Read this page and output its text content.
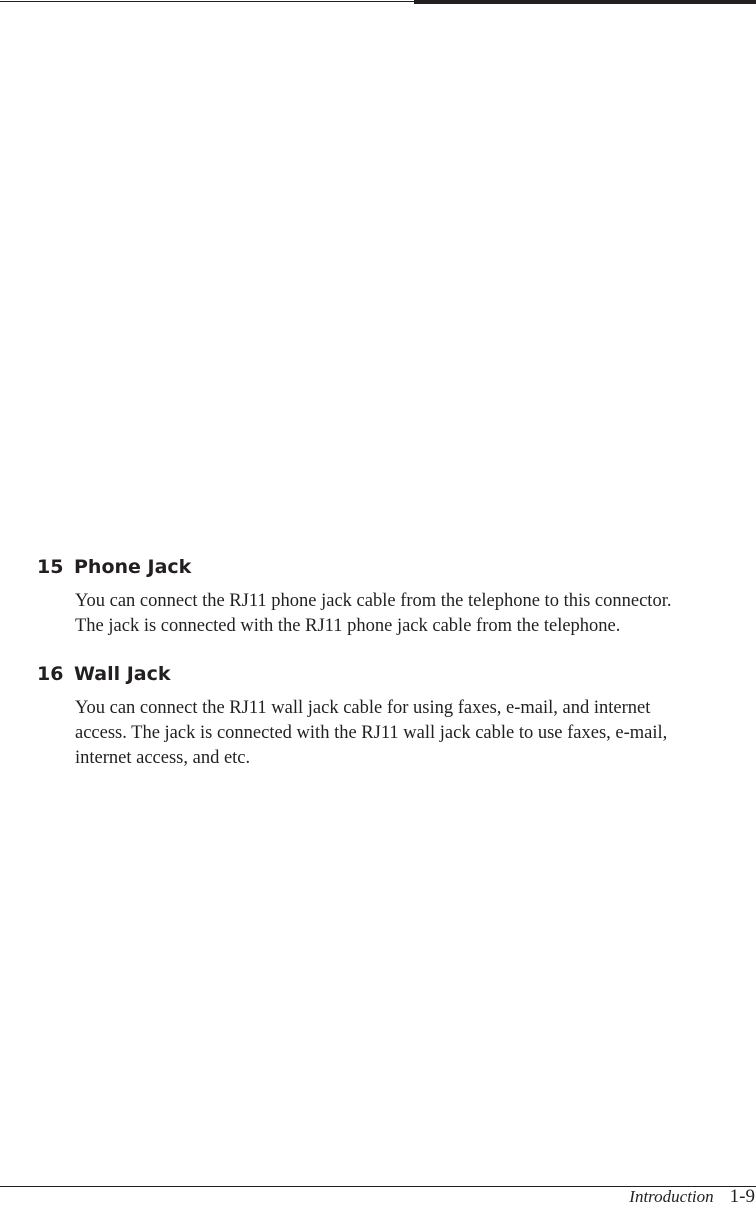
15 Phone Jack

You can connect the RJ11 phone jack cable from the telephone to this connector.
The jack is connected with the RJ11 phone jack cable from the telephone.

16 Wall Jack

You can connect the RJ11 wall jack cable for using faxes, e-mail, and internet
access. The jack is connected with the RJ11 wall jack cable to use faxes, e-mail,
internet access, and etc.

Introduction 1-9
